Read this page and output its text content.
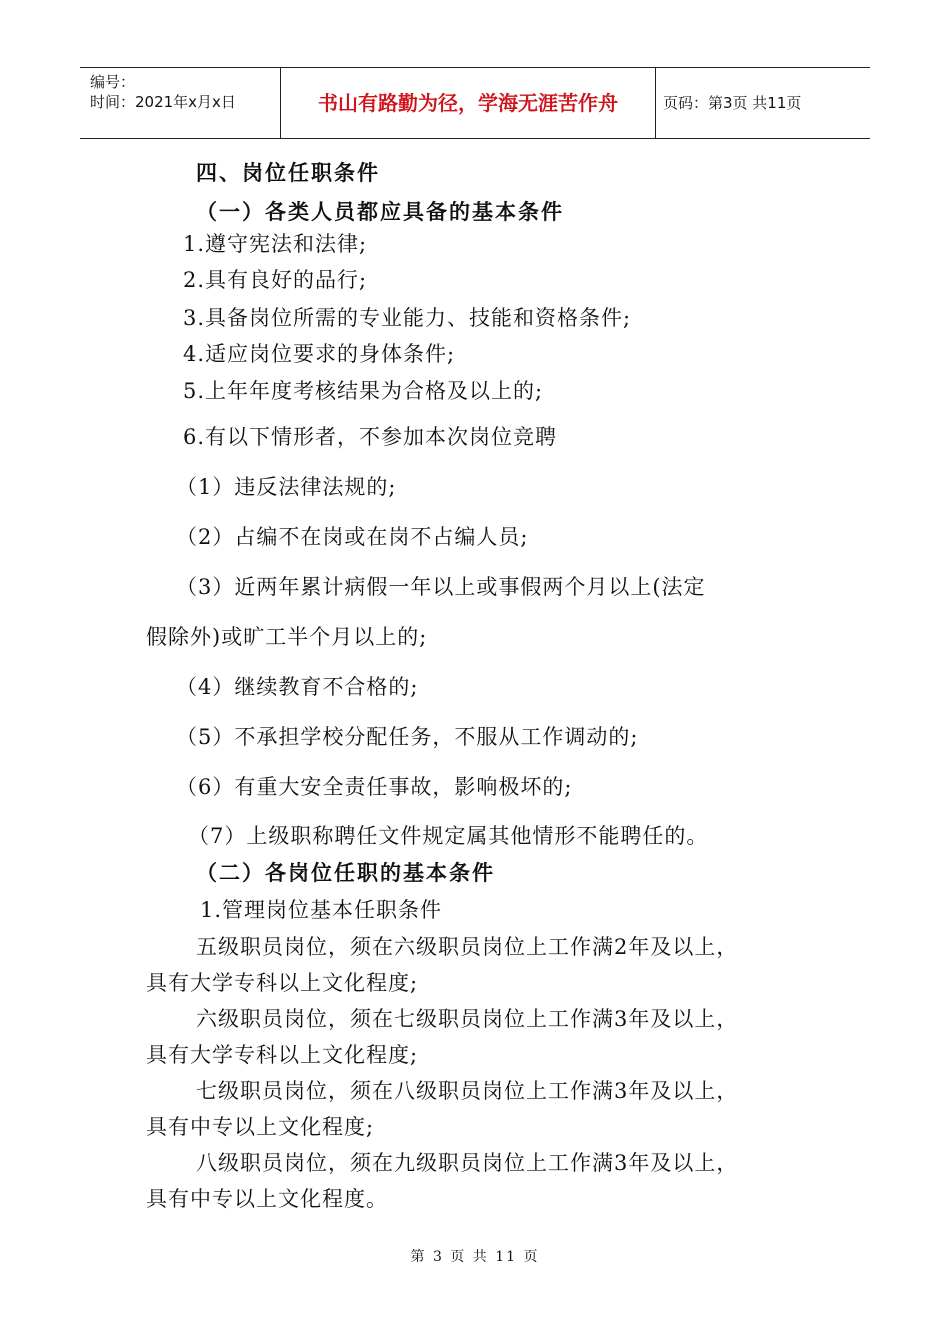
编号：
时间：2021年x月x日	书山有路勤为径，学海无涯苦作舟	页码：第3页 共11页
四、岗位任职条件
（一）各类人员都应具备的基本条件
1.遵守宪法和法律;
2.具有良好的品行;
3.具备岗位所需的专业能力、技能和资格条件;
4.适应岗位要求的身体条件;
5.上年年度考核结果为合格及以上的;
6.有以下情形者，不参加本次岗位竞聘
（1）违反法律法规的;
（2）占编不在岗或在岗不占编人员;
（3）近两年累计病假一年以上或事假两个月以上(法定
假除外)或旷工半个月以上的;
（4）继续教育不合格的;
（5）不承担学校分配任务，不服从工作调动的;
（6）有重大安全责任事故，影响极坏的;
（7）上级职称聘任文件规定属其他情形不能聘任的。
（二）各岗位任职的基本条件
1.管理岗位基本任职条件
五级职员岗位，须在六级职员岗位上工作满2年及以上，
具有大学专科以上文化程度;
六级职员岗位，须在七级职员岗位上工作满3年及以上，
具有大学专科以上文化程度;
七级职员岗位，须在八级职员岗位上工作满3年及以上，
具有中专以上文化程度;
八级职员岗位，须在九级职员岗位上工作满3年及以上，
具有中专以上文化程度。
第 3 页 共 11 页
